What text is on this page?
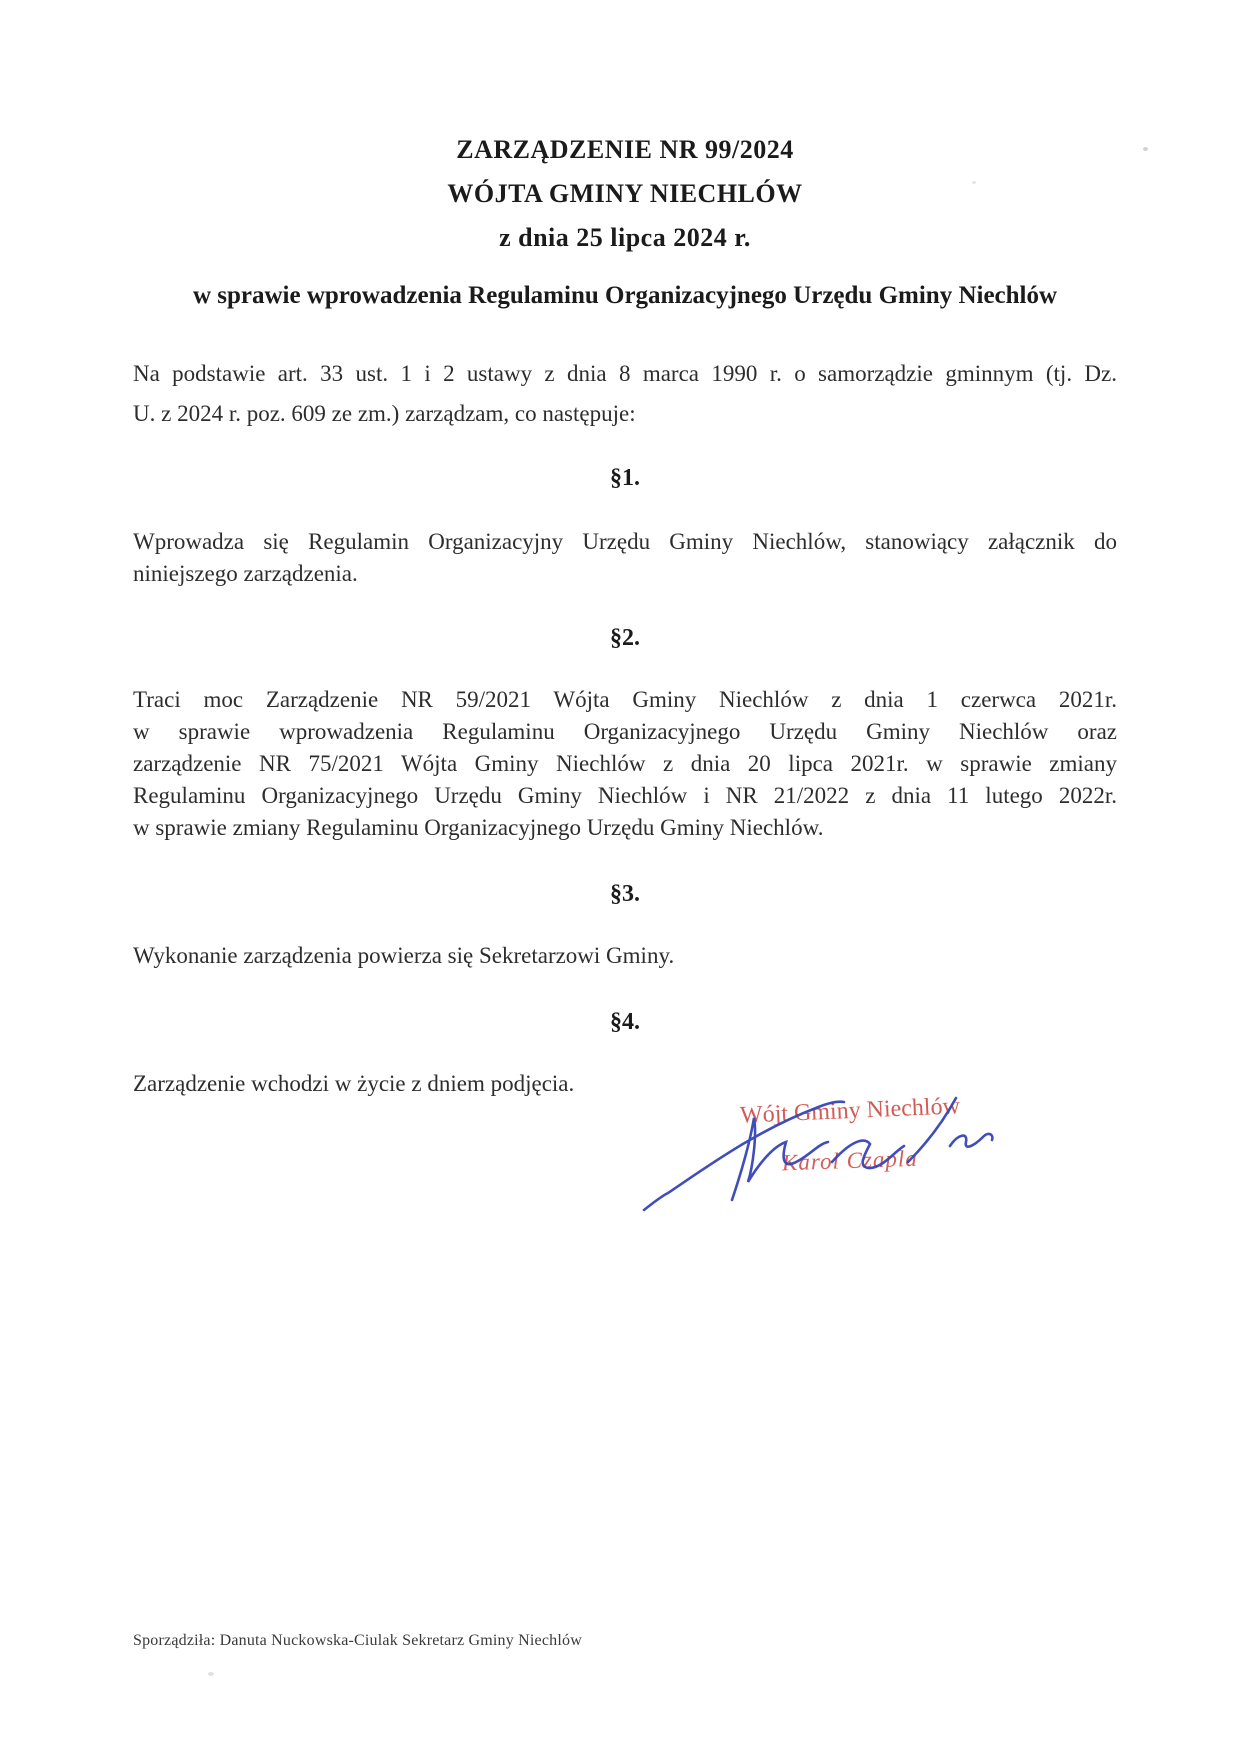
ZARZĄDZENIE NR 99/2024
WÓJTA GMINY NIECHLÓW
z dnia 25 lipca 2024 r.
w sprawie wprowadzenia Regulaminu Organizacyjnego Urzędu Gminy Niechlów
Na podstawie art. 33 ust. 1 i 2 ustawy z dnia 8 marca 1990 r. o samorządzie gminnym (tj. Dz.
U. z 2024 r. poz. 609 ze zm.) zarządzam, co następuje:
§1.
Wprowadza się Regulamin Organizacyjny Urzędu Gminy Niechlów, stanowiący załącznik do
niniejszego zarządzenia.
§2.
Traci moc Zarządzenie NR 59/2021 Wójta Gminy Niechlów z dnia 1 czerwca 2021r.
w sprawie wprowadzenia Regulaminu Organizacyjnego Urzędu Gminy Niechlów oraz
zarządzenie NR 75/2021 Wójta Gminy Niechlów z dnia 20 lipca 2021r. w sprawie zmiany
Regulaminu Organizacyjnego Urzędu Gminy Niechlów i NR 21/2022 z dnia 11 lutego 2022r.
w sprawie zmiany Regulaminu Organizacyjnego Urzędu Gminy Niechlów.
§3.
Wykonanie zarządzenia powierza się Sekretarzowi Gminy.
§4.
Zarządzenie wchodzi w życie z dniem podjęcia.
Wójt Gminy Niechlów
Karol Czapla
Sporządziła: Danuta Nuckowska-Ciulak Sekretarz Gminy Niechlów
